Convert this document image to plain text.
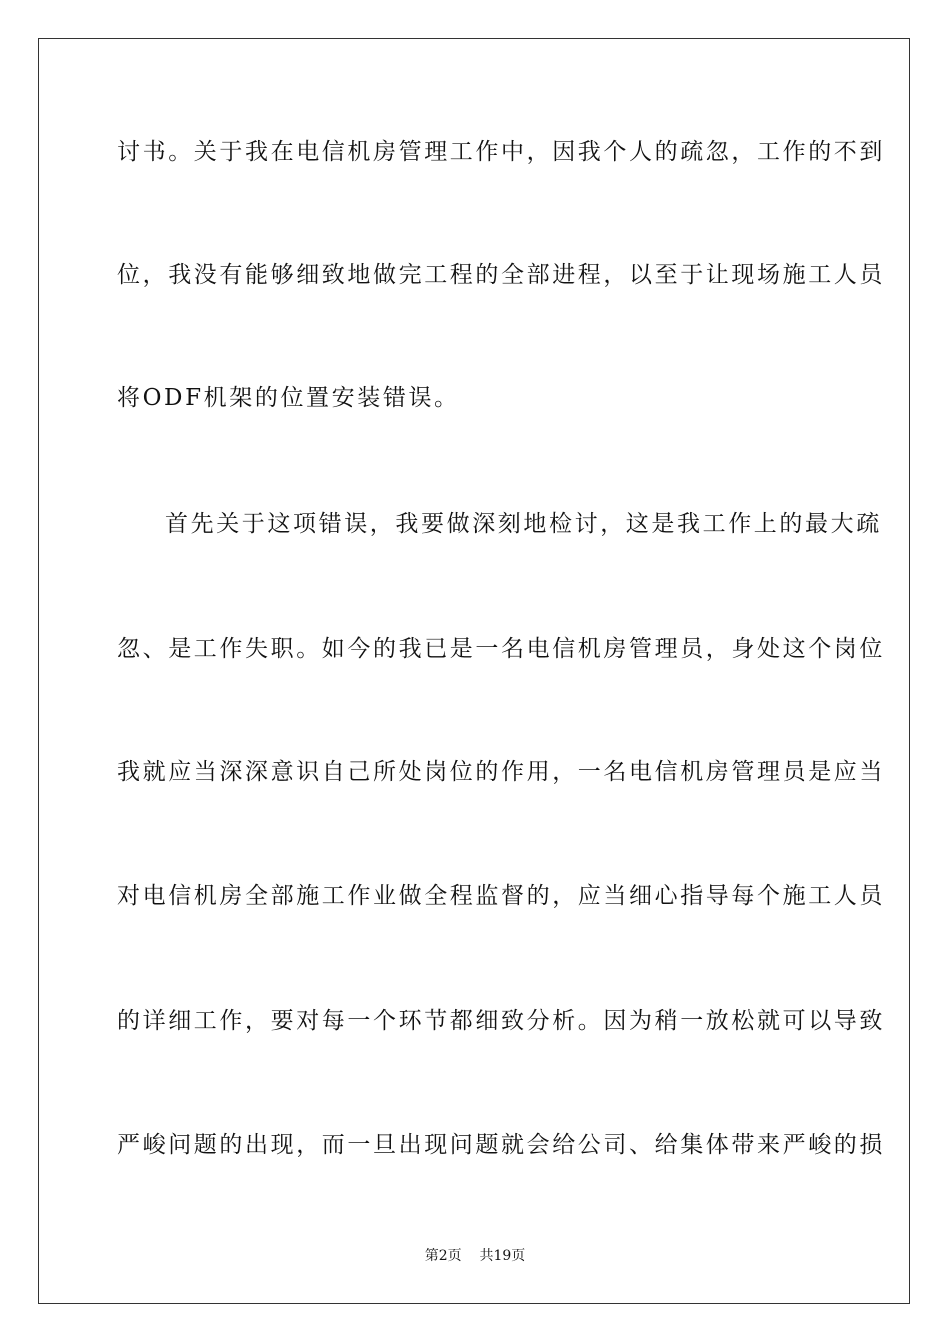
讨书。关于我在电信机房管理工作中，因我个人的疏忽，工作的不到
位，我没有能够细致地做完工程的全部进程，以至于让现场施工人员
将ODF机架的位置安装错误。
首先关于这项错误，我要做深刻地检讨，这是我工作上的最大疏
忽、是工作失职。如今的我已是一名电信机房管理员，身处这个岗位
我就应当深深意识自己所处岗位的作用，一名电信机房管理员是应当
对电信机房全部施工作业做全程监督的，应当细心指导每个施工人员
的详细工作，要对每一个环节都细致分析。因为稍一放松就可以导致
严峻问题的出现，而一旦出现问题就会给公司、给集体带来严峻的损
第2页 共19页
